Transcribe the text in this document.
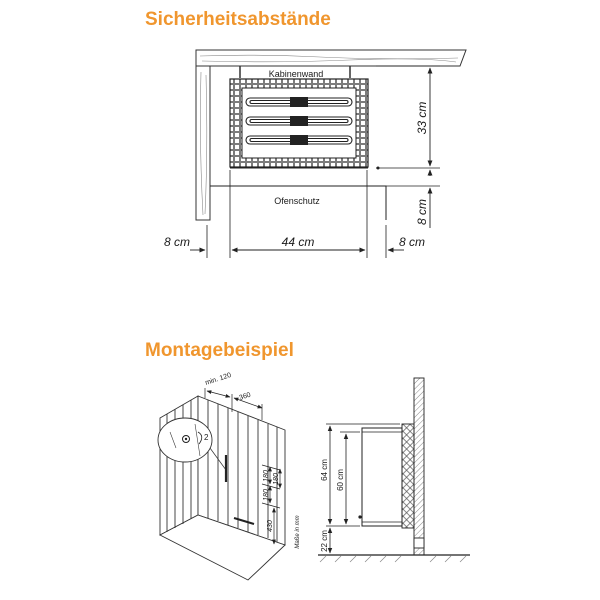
Sicherheitsabstände
Montagebeispiel
Kabinenwand
Ofenschutz
33 cm
8 cm
8 cm	44 cm	8 cm
2
min. 120
360
180
180
180
430	Maße in mm
64 cm 60 cm
22 cm
